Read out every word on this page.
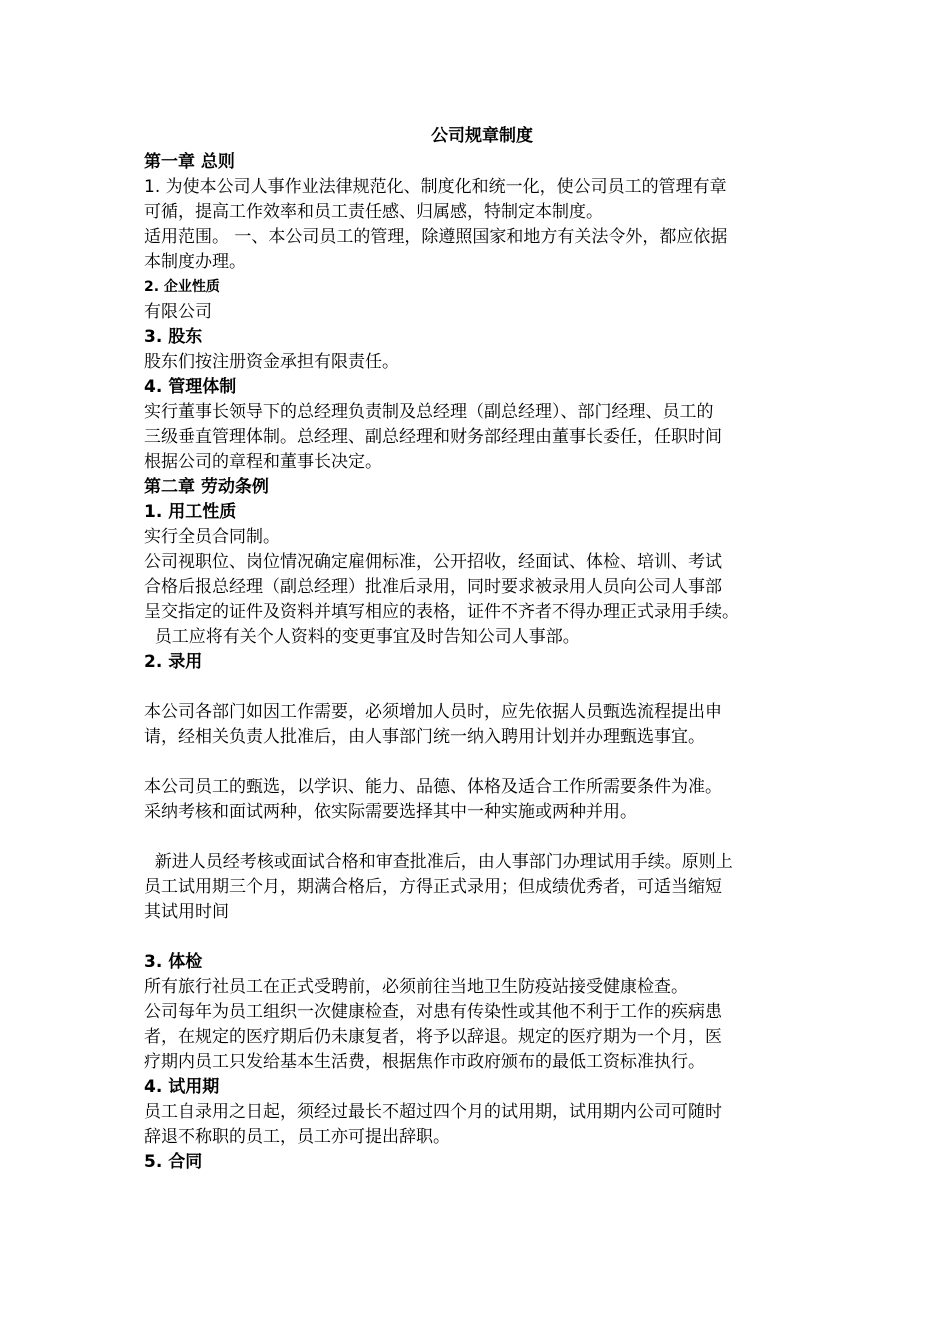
公司规章制度
第一章 总则
1. 为使本公司人事作业法律规范化、制度化和统一化，使公司员工的管理有章
可循，提高工作效率和员工责任感、归属感，特制定本制度。
适用范围。 一、本公司员工的管理，除遵照国家和地方有关法令外，都应依据
本制度办理。
2. 企业性质
有限公司
3. 股东
股东们按注册资金承担有限责任。
4. 管理体制
实行董事长领导下的总经理负责制及总经理（副总经理）、部门经理、员工的
三级垂直管理体制。总经理、副总经理和财务部经理由董事长委任，任职时间
根据公司的章程和董事长决定。
第二章 劳动条例
1. 用工性质
实行全员合同制。
公司视职位、岗位情况确定雇佣标准，公开招收，经面试、体检、培训、考试
合格后报总经理（副总经理）批准后录用，同时要求被录用人员向公司人事部
呈交指定的证件及资料并填写相应的表格，证件不齐者不得办理正式录用手续。
员工应将有关个人资料的变更事宜及时告知公司人事部。
2. 录用
本公司各部门如因工作需要，必须增加人员时，应先依据人员甄选流程提出申
请，经相关负责人批准后，由人事部门统一纳入聘用计划并办理甄选事宜。
本公司员工的甄选，以学识、能力、品德、体格及适合工作所需要条件为准。
采纳考核和面试两种，依实际需要选择其中一种实施或两种并用。
新进人员经考核或面试合格和审查批准后，由人事部门办理试用手续。原则上
员工试用期三个月，期满合格后，方得正式录用；但成绩优秀者，可适当缩短
其试用时间
3. 体检
所有旅行社员工在正式受聘前，必须前往当地卫生防疫站接受健康检查。
公司每年为员工组织一次健康检查，对患有传染性或其他不利于工作的疾病患
者，在规定的医疗期后仍未康复者，将予以辞退。规定的医疗期为一个月，医
疗期内员工只发给基本生活费，根据焦作市政府颁布的最低工资标准执行。
4. 试用期
员工自录用之日起，须经过最长不超过四个月的试用期，试用期内公司可随时
辞退不称职的员工，员工亦可提出辞职。
5. 合同
